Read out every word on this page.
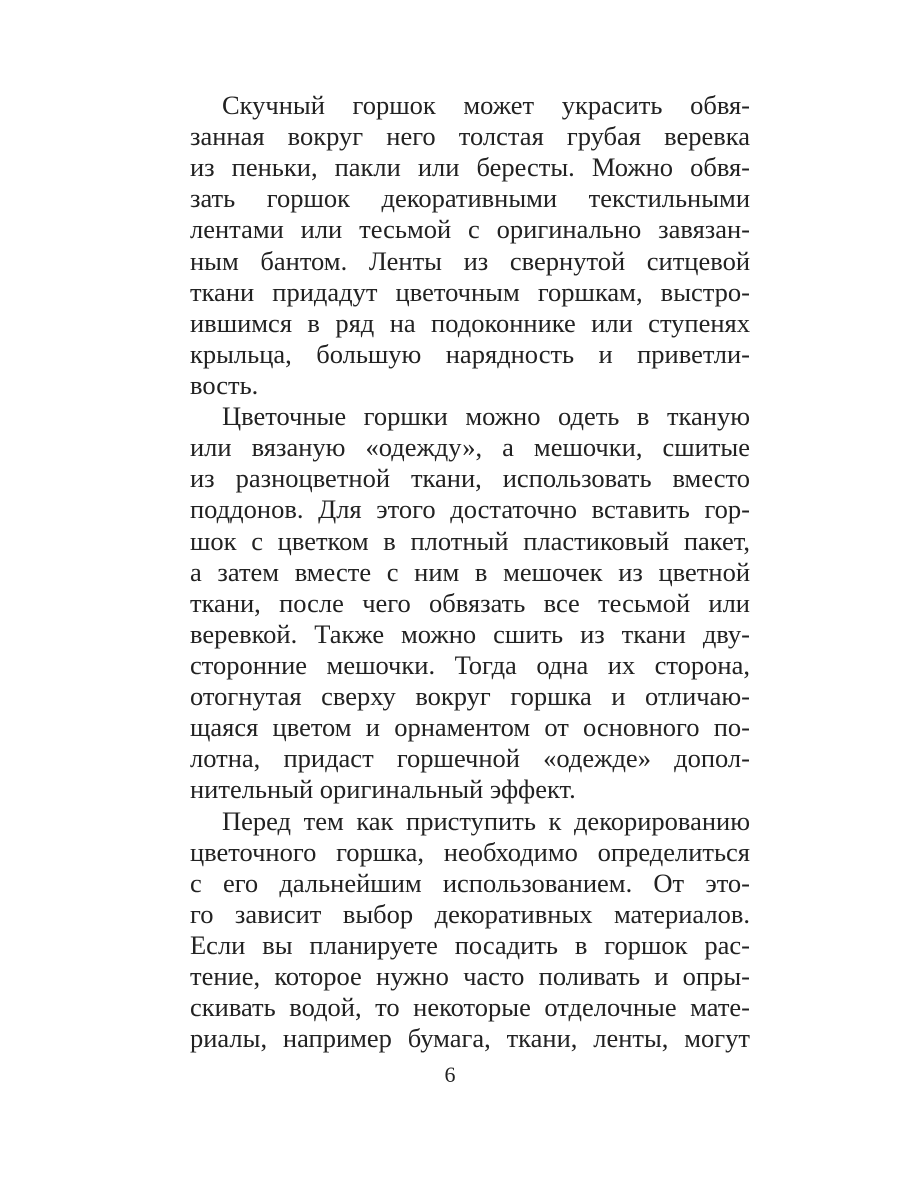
Скучный горшок может украсить обвя-
занная вокруг него толстая грубая веревка
из пеньки, пакли или бересты. Можно обвя-
зать горшок декоративными текстильными
лентами или тесьмой с оригинально завязан-
ным бантом. Ленты из свернутой ситцевой
ткани придадут цветочным горшкам, выстро-
ившимся в ряд на подоконнике или ступенях
крыльца, большую нарядность и приветли-
вость.
Цветочные горшки можно одеть в тканую
или вязаную «одежду», а мешочки, сшитые
из разноцветной ткани, использовать вместо
поддонов. Для этого достаточно вставить гор-
шок с цветком в плотный пластиковый пакет,
а затем вместе с ним в мешочек из цветной
ткани, после чего обвязать все тесьмой или
веревкой. Также можно сшить из ткани дву-
сторонние мешочки. Тогда одна их сторона,
отогнутая сверху вокруг горшка и отличаю-
щаяся цветом и орнаментом от основного по-
лотна, придаст горшечной «одежде» допол-
нительный оригинальный эффект.
Перед тем как приступить к декорированию
цветочного горшка, необходимо определиться
с его дальнейшим использованием. От это-
го зависит выбор декоративных материалов.
Если вы планируете посадить в горшок рас-
тение, которое нужно часто поливать и опры-
скивать водой, то некоторые отделочные мате-
риалы, например бумага, ткани, ленты, могут
6
